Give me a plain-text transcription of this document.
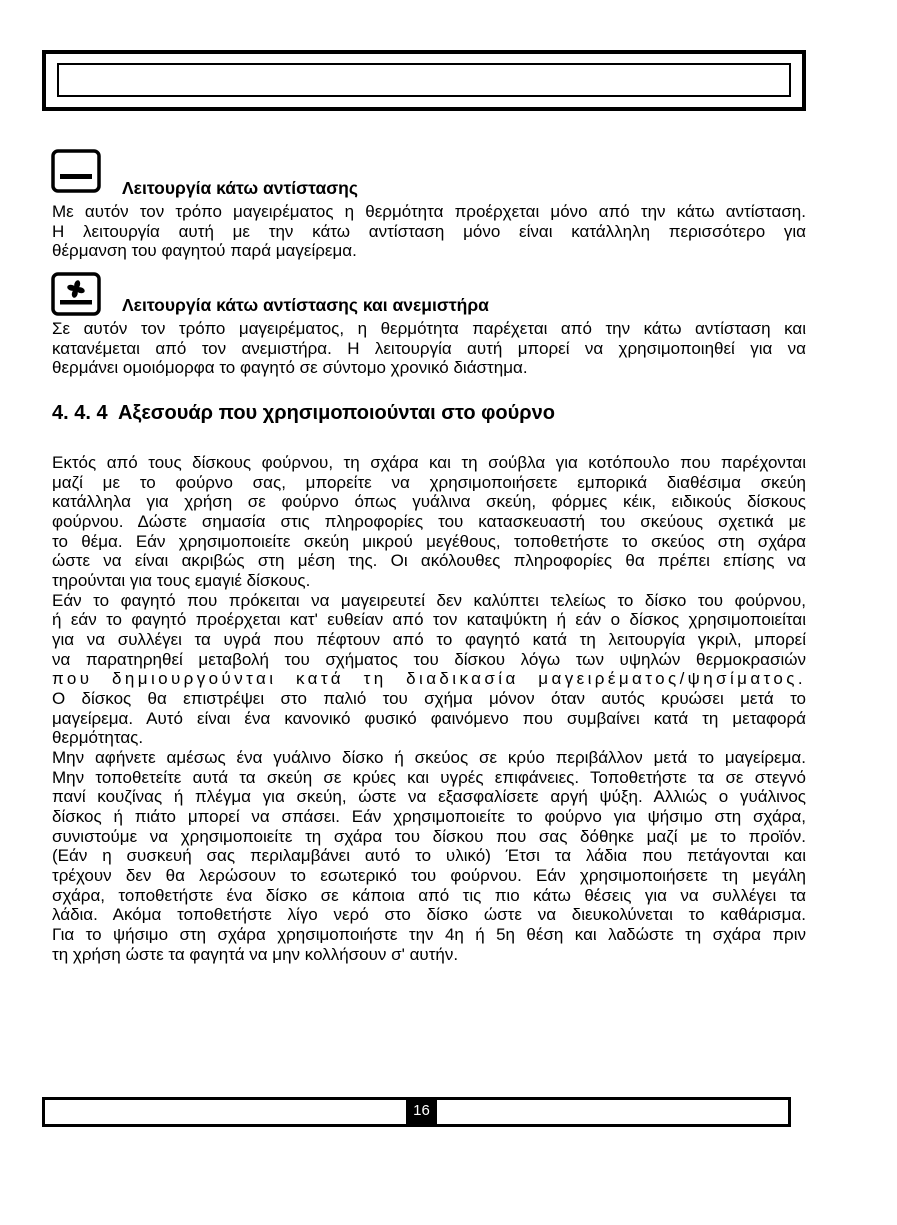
Λειτουργία κάτω αντίστασης
Με αυτόν τον τρόπο μαγειρέματος η θερμότητα προέρχεται μόνο από την κάτω αντίσταση.
Η λειτουργία αυτή με την κάτω αντίσταση μόνο είναι κατάλληλη περισσότερο για
θέρμανση του φαγητού παρά μαγείρεμα.
Λειτουργία κάτω αντίστασης και ανεμιστήρα
Σε αυτόν τον τρόπο μαγειρέματος, η θερμότητα παρέχεται από την κάτω αντίσταση και
κατανέμεται από τον ανεμιστήρα. Η λειτουργία αυτή μπορεί να χρησιμοποιηθεί για να
θερμάνει ομοιόμορφα το φαγητό σε σύντομο χρονικό διάστημα.
4. 4. 4  Αξεσουάρ που χρησιμοποιούνται στο φούρνο
Εκτός από τους δίσκους φούρνου, τη σχάρα και τη σούβλα για κοτόπουλο που παρέχονται
μαζί με το φούρνο σας, μπορείτε να χρησιμοποιήσετε εμπορικά διαθέσιμα σκεύη
κατάλληλα για χρήση σε φούρνο όπως γυάλινα σκεύη, φόρμες κέικ, ειδικούς δίσκους
φούρνου. Δώστε σημασία στις πληροφορίες του κατασκευαστή του σκεύους σχετικά με
το θέμα. Εάν χρησιμοποιείτε σκεύη μικρού μεγέθους, τοποθετήστε το σκεύος στη σχάρα
ώστε να είναι ακριβώς στη μέση της. Οι ακόλουθες πληροφορίες θα πρέπει επίσης να
τηρούνται για τους εμαγιέ δίσκους.
Εάν το φαγητό που πρόκειται να μαγειρευτεί δεν καλύπτει τελείως το δίσκο του φούρνου,
ή εάν το φαγητό προέρχεται κατ' ευθείαν από τον καταψύκτη ή εάν ο δίσκος χρησιμοποιείται
για να συλλέγει τα υγρά που πέφτουν από το φαγητό κατά τη λειτουργία γκριλ, μπορεί
να παρατηρηθεί μεταβολή του σχήματος του δίσκου λόγω των υψηλών θερμοκρασιών
που δημιουργούνται κατά τη διαδικασία μαγειρέματος/ψησίματος.
Ο δίσκος θα επιστρέψει στο παλιό του σχήμα μόνον όταν αυτός κρυώσει μετά το
μαγείρεμα. Αυτό είναι ένα κανονικό φυσικό φαινόμενο που συμβαίνει κατά τη μεταφορά
θερμότητας.
Μην αφήνετε αμέσως ένα γυάλινο δίσκο ή σκεύος σε κρύο περιβάλλον μετά το μαγείρεμα.
Μην τοποθετείτε αυτά τα σκεύη σε κρύες και υγρές επιφάνειες. Τοποθετήστε τα σε στεγνό
πανί κουζίνας ή πλέγμα για σκεύη, ώστε να εξασφαλίσετε αργή ψύξη. Αλλιώς ο γυάλινος
δίσκος ή πιάτο μπορεί να σπάσει. Εάν χρησιμοποιείτε το φούρνο για ψήσιμο στη σχάρα,
συνιστούμε να χρησιμοποιείτε τη σχάρα του δίσκου που σας δόθηκε μαζί με το προϊόν.
(Εάν η συσκευή σας περιλαμβάνει αυτό το υλικό) Έτσι τα λάδια που πετάγονται και
τρέχουν δεν θα λερώσουν το εσωτερικό του φούρνου. Εάν χρησιμοποιήσετε τη μεγάλη
σχάρα, τοποθετήστε ένα δίσκο σε κάποια από τις πιο κάτω θέσεις για να συλλέγει τα
λάδια. Ακόμα τοποθετήστε λίγο νερό στο δίσκο ώστε να διευκολύνεται το καθάρισμα.
Για το ψήσιμο στη σχάρα χρησιμοποιήστε την 4η ή 5η θέση και λαδώστε τη σχάρα πριν
τη χρήση ώστε τα φαγητά να μην κολλήσουν σ' αυτήν.
16
